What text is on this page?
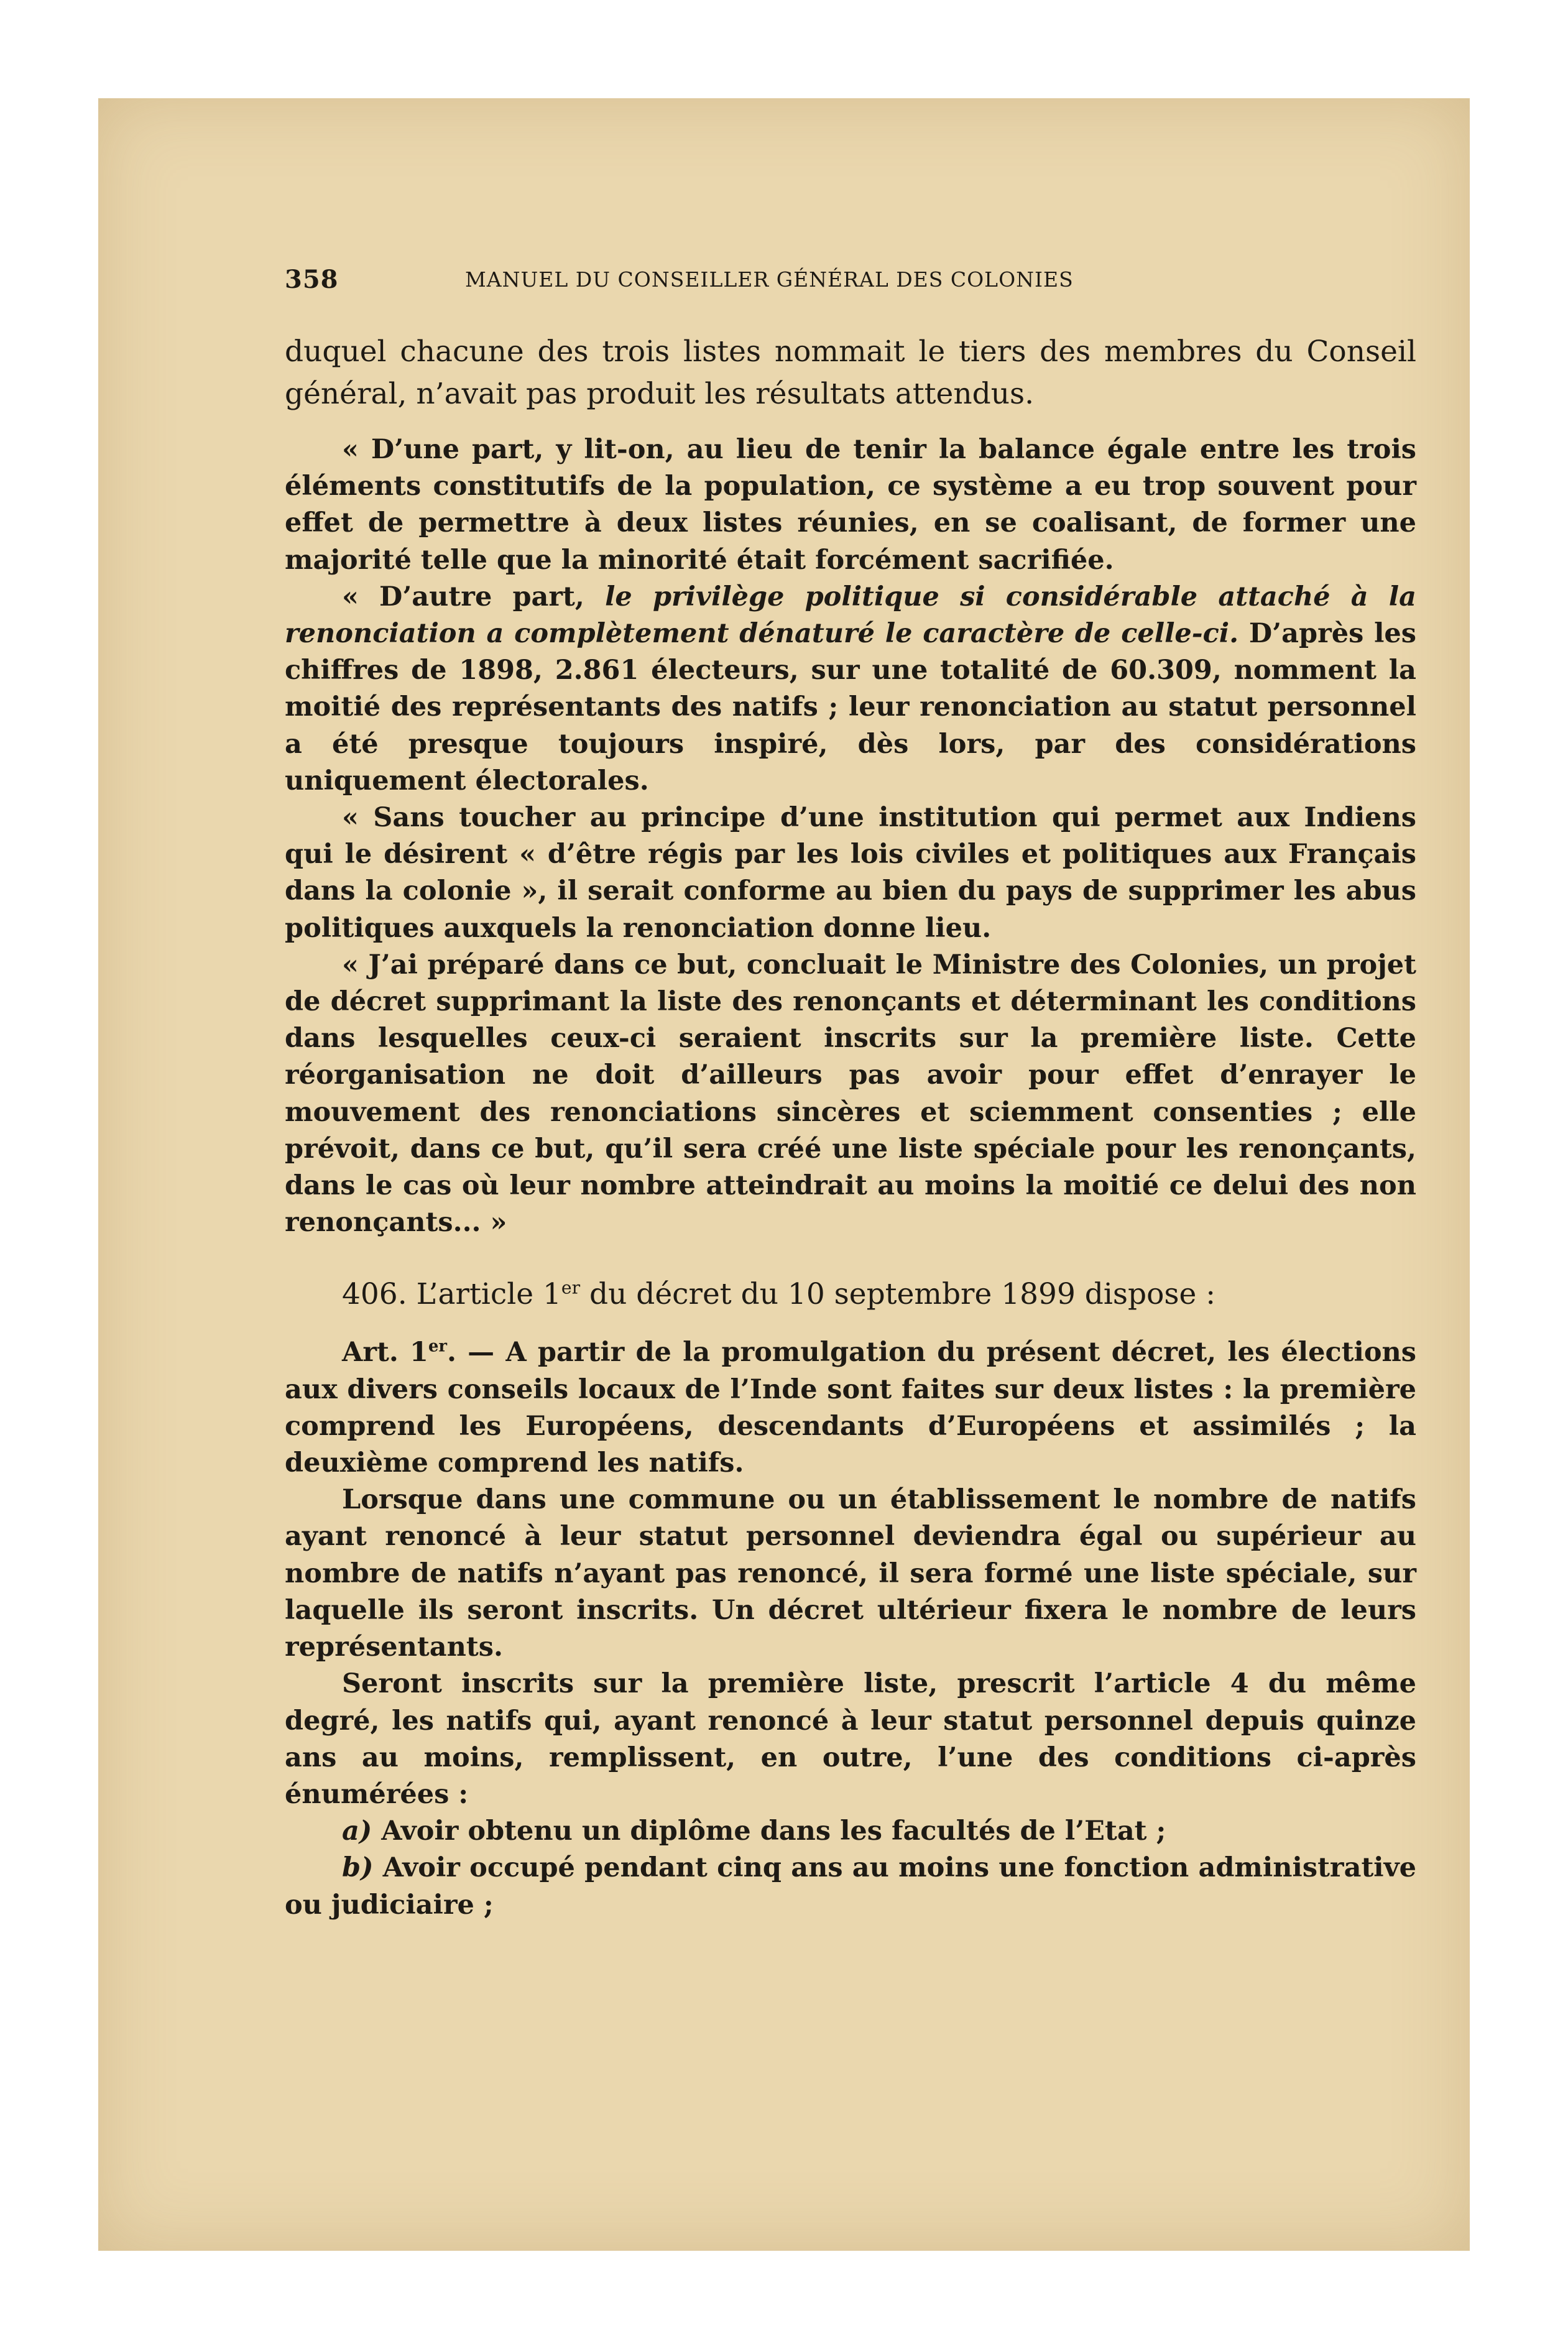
358	MANUEL DU CONSEILLER GÉNÉRAL DES COLONIES

duquel chacune des trois listes nommait le tiers des membres du Conseil général, n’avait pas produit les résultats attendus.

« D’une part, y lit-on, au lieu de tenir la balance égale entre les trois éléments constitutifs de la population, ce système a eu trop souvent pour effet de permettre à deux listes réunies, en se coalisant, de former une majorité telle que la minorité était forcément sacrifiée.

« D’autre part, le privilège politique si considérable attaché à la renonciation a complètement dénaturé le caractère de celle-ci. D’après les chiffres de 1898, 2.861 électeurs, sur une totalité de 60.309, nomment la moitié des représentants des natifs ; leur renonciation au statut personnel a été presque toujours inspiré, dès lors, par des considérations uniquement électorales.

« Sans toucher au principe d’une institution qui permet aux Indiens qui le désirent « d’être régis par les lois civiles et politiques aux Français dans la colonie », il serait conforme au bien du pays de supprimer les abus politiques auxquels la renonciation donne lieu.

« J’ai préparé dans ce but, concluait le Ministre des Colonies, un projet de décret supprimant la liste des renonçants et déterminant les conditions dans lesquelles ceux-ci seraient inscrits sur la première liste. Cette réorganisation ne doit d’ailleurs pas avoir pour effet d’enrayer le mouvement des renonciations sincères et sciemment consenties ; elle prévoit, dans ce but, qu’il sera créé une liste spéciale pour les renonçants, dans le cas où leur nombre atteindrait au moins la moitié ce delui des non renonçants... »

406. L’article 1er du décret du 10 septembre 1899 dispose :

Art. 1er. — A partir de la promulgation du présent décret, les élections aux divers conseils locaux de l’Inde sont faites sur deux listes : la première comprend les Européens, descendants d’Européens et assimilés ; la deuxième comprend les natifs.

Lorsque dans une commune ou un établissement le nombre de natifs ayant renoncé à leur statut personnel deviendra égal ou supérieur au nombre de natifs n’ayant pas renoncé, il sera formé une liste spéciale, sur laquelle ils seront inscrits. Un décret ultérieur fixera le nombre de leurs représentants.

Seront inscrits sur la première liste, prescrit l’article 4 du même degré, les natifs qui, ayant renoncé à leur statut personnel depuis quinze ans au moins, remplissent, en outre, l’une des conditions ci-après énumérées :

a) Avoir obtenu un diplôme dans les facultés de l’Etat ;

b) Avoir occupé pendant cinq ans au moins une fonction administrative ou judiciaire ;
